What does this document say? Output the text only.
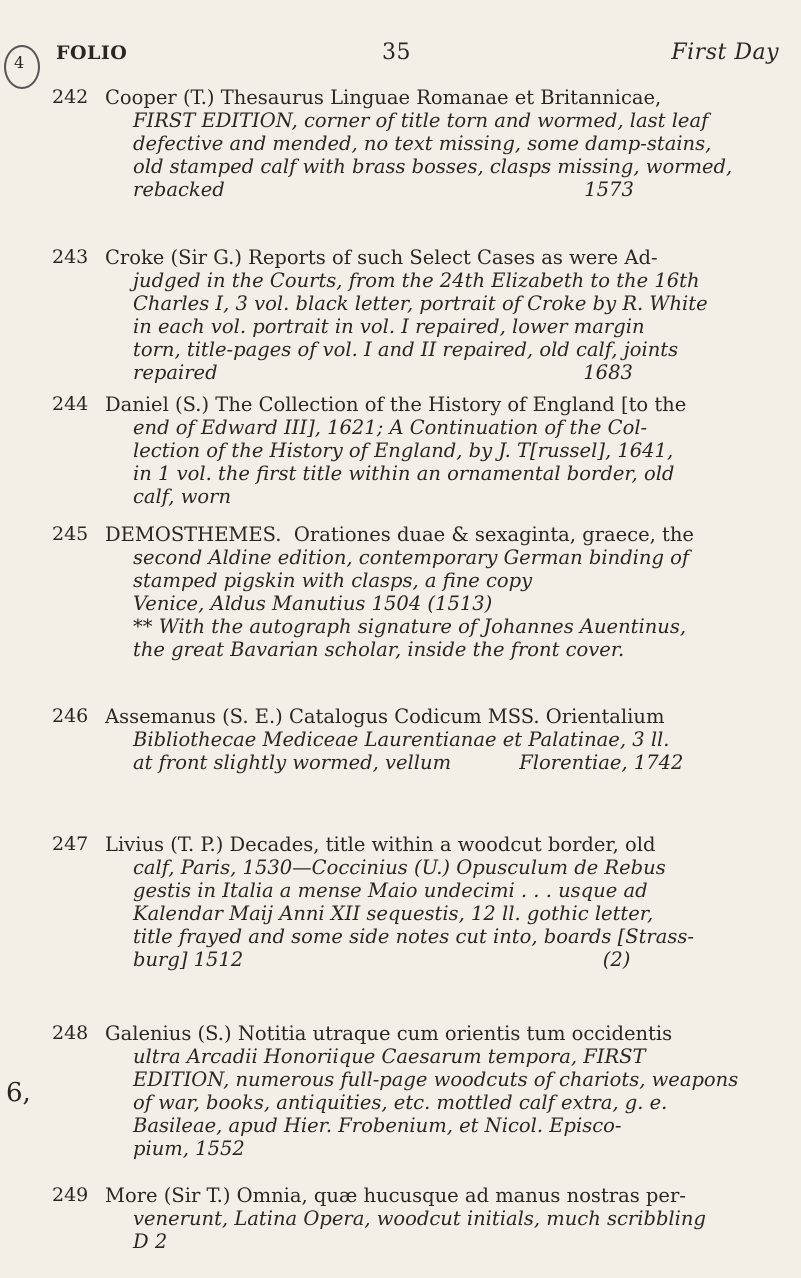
4
6,
FOLIO	35	First Day
242 Cooper (T.) Thesaurus Linguae Romanae et Britannicae,
FIRST EDITION, corner of title torn and wormed, last leaf
defective and mended, no text missing, some damp-stains,
old stamped calf with brass bosses, clasps missing, wormed,
rebacked                                                          1573
243 Croke (Sir G.) Reports of such Select Cases as were Ad-
judged in the Courts, from the 24th Elizabeth to the 16th
Charles I, 3 vol. black letter, portrait of Croke by R. White
in each vol. portrait in vol. I repaired, lower margin
torn, title-pages of vol. I and II repaired, old calf, joints
repaired                                                           1683
244 Daniel (S.) The Collection of the History of England [to the
end of Edward III], 1621; A Continuation of the Col-
lection of the History of England, by J. T[russel], 1641,
in 1 vol. the first title within an ornamental border, old
calf, worn
245 DEMOSTHEMES.  Orationes duae & sexaginta, graece, the
second Aldine edition, contemporary German binding of
stamped pigskin with clasps, a fine copy
Venice, Aldus Manutius 1504 (1513)
** With the autograph signature of Johannes Auentinus,
the great Bavarian scholar, inside the front cover.
246 Assemanus (S. E.) Catalogus Codicum MSS. Orientalium
Bibliothecae Mediceae Laurentianae et Palatinae, 3 ll.
at front slightly wormed, vellum           Florentiae, 1742
247 Livius (T. P.) Decades, title within a woodcut border, old
calf, Paris, 1530—Coccinius (U.) Opusculum de Rebus
gestis in Italia a mense Maio undecimi . . . usque ad
Kalendar Maij Anni XII sequestis, 12 ll. gothic letter,
title frayed and some side notes cut into, boards [Strass-
burg] 1512                                                          (2)
248 Galenius (S.) Notitia utraque cum orientis tum occidentis
ultra Arcadii Honoriique Caesarum tempora, FIRST
EDITION, numerous full-page woodcuts of chariots, weapons
of war, books, antiquities, etc. mottled calf extra, g. e.
Basileae, apud Hier. Frobenium, et Nicol. Episco-
pium, 1552
249 More (Sir T.) Omnia, quæ hucusque ad manus nostras per-
venerunt, Latina Opera, woodcut initials, much scribbling
D 2
